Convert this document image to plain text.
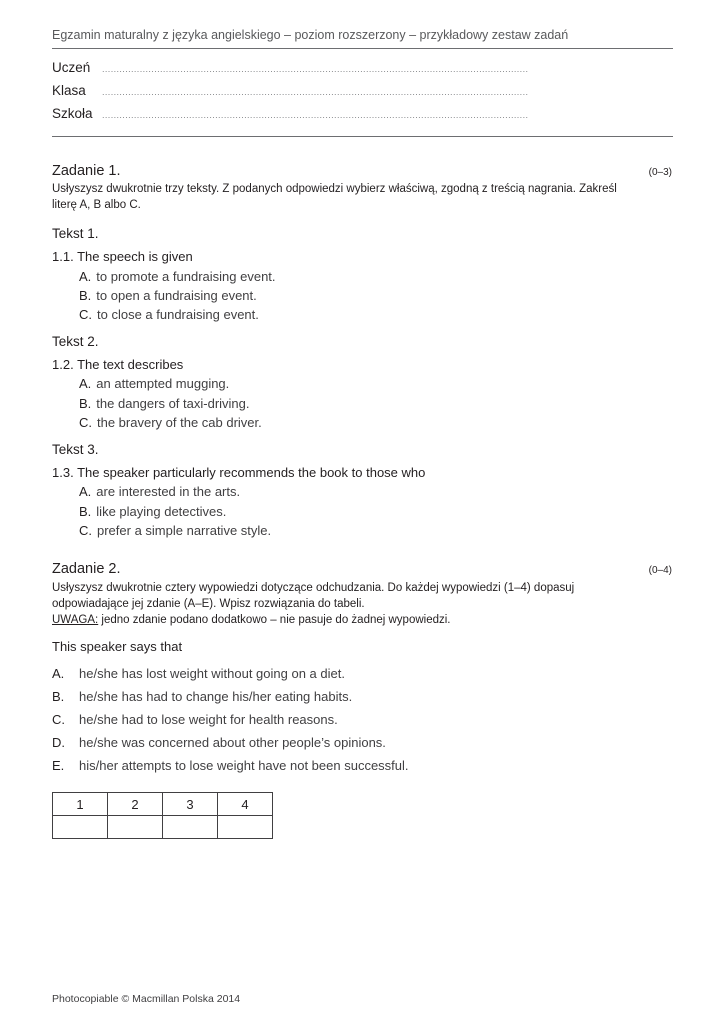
Egzamin maturalny z języka angielskiego – poziom rozszerzony – przykładowy zestaw zadań
Uczeń ...................................................................................................................................................
Klasa ...................................................................................................................................................
Szkoła ...................................................................................................................................................
Zadanie 1.	(0–3)

Usłyszysz dwukrotnie trzy teksty. Z podanych odpowiedzi wybierz właściwą, zgodną z treścią nagrania. Zakreśl

literę A, B albo C.

Tekst 1.
1.1. The speech is given
A. to promote a fundraising event.
B. to open a fundraising event.
C. to close a fundraising event.
Tekst 2.
1.2. The text describes
A. an attempted mugging.
B. the dangers of taxi-driving.
C. the bravery of the cab driver.
Tekst 3.
1.3. The speaker particularly recommends the book to those who
A. are interested in the arts.
B. like playing detectives.
C. prefer a simple narrative style.
Zadanie 2.	(0–4)

Usłyszysz dwukrotnie cztery wypowiedzi dotyczące odchudzania. Do każdej wypowiedzi (1–4) dopasuj

odpowiadające jej zdanie (A–E). Wpisz rozwiązania do tabeli.

UWAGA: jedno zdanie podano dodatkowo – nie pasuje do żadnej wypowiedzi.

This speaker says that
A. he/she has lost weight without going on a diet.
B. he/she has had to change his/her eating habits.
C. he/she had to lose weight for health reasons.
D. he/she was concerned about other people’s opinions.
E. his/her attempts to lose weight have not been successful.
1	2	3	4

Photocopiable © Macmillan Polska 2014
